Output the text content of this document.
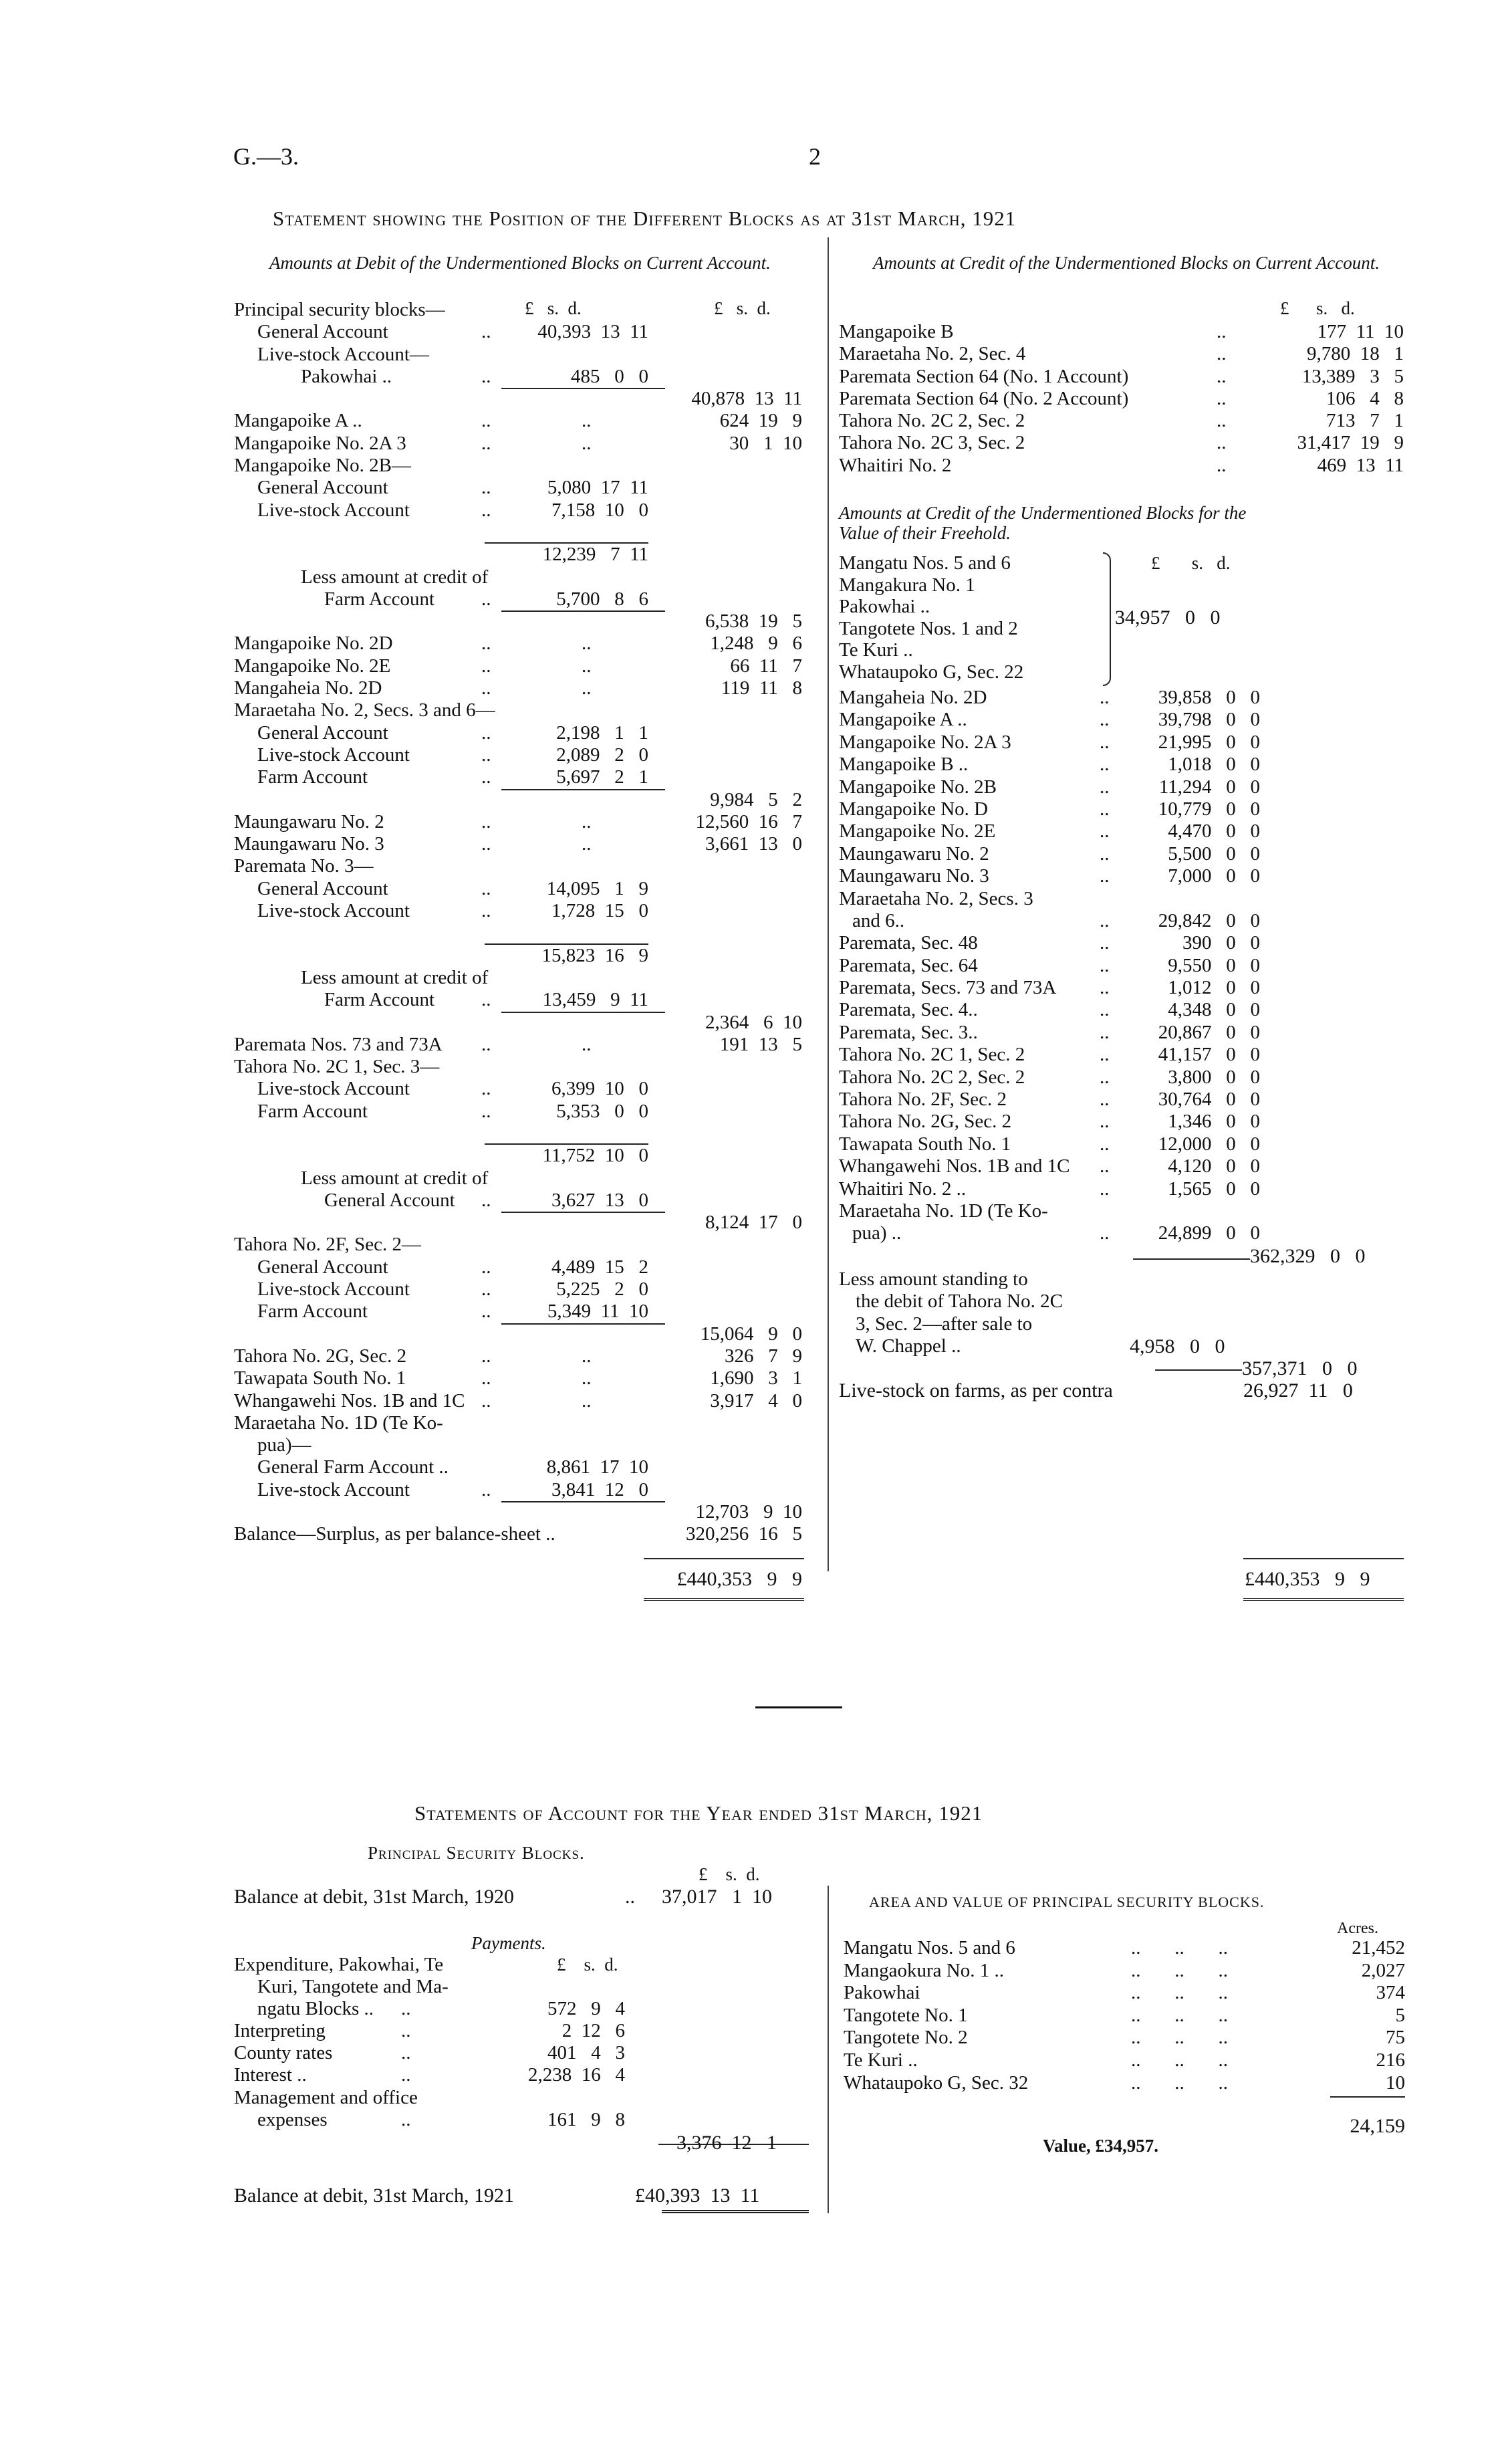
G.—3.	2
Statement showing the Position of the Different Blocks as at 31st March, 1921
Amounts at Debit of the Undermentioned Blocks on Current Account.
£   s.  d.	£   s.  d.
Principal security blocks—
General Account	..	40,393  13  11
Live-stock Account—
Pakowhai ..	..	485   0   0
40,878  13  11
Mangapoike A ..	..	..	624  19   9
Mangapoike No. 2A 3	..	..	30   1  10
Mangapoike No. 2B—
General Account	..	5,080  17  11
Live-stock Account	..	7,158  10   0
12,239   7  11
Less amount at credit of
Farm Account ..	5,700   8   6
6,538  19   5
Mangapoike No. 2D	..	..	1,248   9   6
Mangapoike No. 2E	..	..	66  11   7
Mangaheia No. 2D	..	..	119  11   8
Maraetaha No. 2, Secs. 3 and 6—
General Account	..	2,198   1   1
Live-stock Account	..	2,089   2   0
Farm Account	..	5,697   2   1
9,984   5   2
Maungawaru No. 2	..	..	12,560  16   7
Maungawaru No. 3	..	..	3,661  13   0
Paremata No. 3—
General Account	..	14,095   1   9
Live-stock Account	..	1,728  15   0
15,823  16   9
Less amount at credit of
Farm Account ..	13,459   9  11
2,364   6  10
Paremata Nos. 73 and 73A ..	..	191  13   5
Tahora No. 2C 1, Sec. 3—
Live-stock Account	..	6,399  10   0
Farm Account	..	5,353   0   0
11,752  10   0
Less amount at credit of
General Account ..	3,627  13   0
8,124  17   0
Tahora No. 2F, Sec. 2—
General Account	..	4,489  15   2
Live-stock Account	..	5,225   2   0
Farm Account	..	5,349  11  10
15,064   9   0
Tahora No. 2G, Sec. 2	..	..	326   7   9
Tawapata South No. 1	..	..	1,690   3   1
Whangawehi Nos. 1B and 1C ..	..	3,917   4   0
Maraetaha No. 1D (Te Ko-
pua)—
General Farm Account ..	8,861  17  10
Live-stock Account	..	3,841  12   0
12,703   9  10
Balance—Surplus, as per balance-sheet ..	320,256  16   5
£440,353   9   9
Amounts at Credit of the Undermentioned Blocks on Current Account.
£      s.   d.
Mangapoike B	..	177  11  10
Maraetaha No. 2, Sec. 4	..	9,780  18   1
Paremata Section 64 (No. 1 Account)	..	13,389   3   5
Paremata Section 64 (No. 2 Account)	..	106   4   8
Tahora No. 2C 2, Sec. 2	..	713   7   1
Tahora No. 2C 3, Sec. 2	..	31,417  19   9
Whaitiri No. 2	..	469  13  11
Amounts at Credit of the Undermentioned Blocks for the Value of their Freehold.
£       s.   d.
Mangatu Nos. 5 and 6
Mangakura No. 1
Pakowhai ..
Tangotete Nos. 1 and 2
Te Kuri ..
Whataupoko G, Sec. 22
34,957   0   0
Mangaheia No. 2D	..	39,858   0   0
Mangapoike A ..	..	39,798   0   0
Mangapoike No. 2A 3	..	21,995   0   0
Mangapoike B ..	..	1,018   0   0
Mangapoike No. 2B	..	11,294   0   0
Mangapoike No. D	..	10,779   0   0
Mangapoike No. 2E	..	4,470   0   0
Maungawaru No. 2	..	5,500   0   0
Maungawaru No. 3	..	7,000   0   0
Maraetaha No. 2, Secs. 3
and 6..	..	29,842   0   0
Paremata, Sec. 48	..	390   0   0
Paremata, Sec. 64	..	9,550   0   0
Paremata, Secs. 73 and 73A ..	1,012   0   0
Paremata, Sec. 4..	..	4,348   0   0
Paremata, Sec. 3..	..	20,867   0   0
Tahora No. 2C 1, Sec. 2	..	41,157   0   0
Tahora No. 2C 2, Sec. 2	..	3,800   0   0
Tahora No. 2F, Sec. 2	..	30,764   0   0
Tahora No. 2G, Sec. 2	..	1,346   0   0
Tawapata South No. 1	..	12,000   0   0
Whangawehi Nos. 1B and 1C ..	4,120   0   0
Whaitiri No. 2 ..	..	1,565   0   0
Maraetaha No. 1D (Te Ko-
pua) ..	..	24,899   0   0
362,329   0   0
Less amount standing to
the debit of Tahora No. 2C
3, Sec. 2—after sale to
W. Chappel ..	4,958   0   0
357,371   0   0
Live-stock on farms, as per contra	26,927  11   0
£440,353   9   9
Statements of Account for the Year ended 31st March, 1921
Principal Security Blocks.
£    s.  d.
Balance at debit, 31st March, 1920	.. 37,017   1  10
Payments.
£    s.  d.
Expenditure, Pakowhai, Te
Kuri, Tangotete and Ma-
ngatu Blocks .. ..	572   9   4
Interpreting	..	2  12   6
County rates	..	401   4   3
Interest ..	..	2,238  16   4
Management and office
expenses	..	161   9   8
3,376  12   1
Balance at debit, 31st March, 1921	£40,393  13  11
AREA AND VALUE OF PRINCIPAL SECURITY BLOCKS.
Acres.
Mangatu Nos. 5 and 6	..       ..       ..	21,452
Mangaokura No. 1 ..	..       ..       ..	2,027
Pakowhai	..       ..       ..	374
Tangotete No. 1	..       ..       ..	5
Tangotete No. 2	..       ..       ..	75
Te Kuri ..	..       ..       ..	216
Whataupoko G, Sec. 32	..       ..       ..	10
24,159
Value, £34,957.
